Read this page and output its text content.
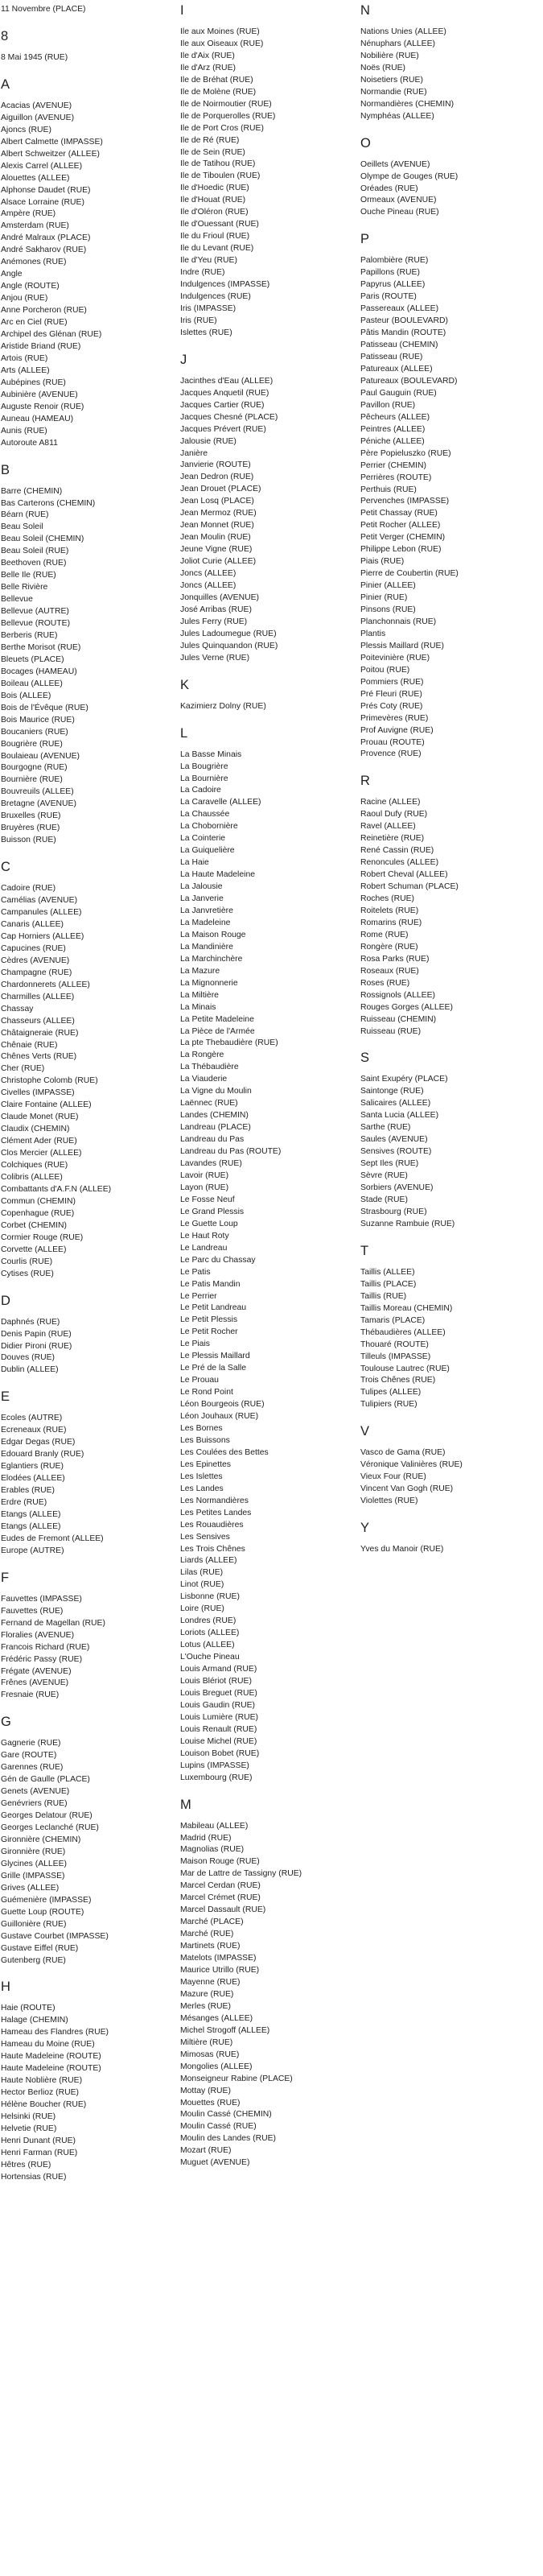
11 Novembre (PLACE)
8
8 Mai 1945 (RUE)
A
Acacias (AVENUE)
Aiguillon (AVENUE)
Ajoncs (RUE)
Albert Calmette (IMPASSE)
Albert Schweitzer (ALLEE)
Alexis Carrel (ALLEE)
Alouettes (ALLEE)
Alphonse Daudet (RUE)
Alsace Lorraine (RUE)
Ampère (RUE)
Amsterdam (RUE)
André Malraux (PLACE)
André Sakharov (RUE)
Anémones (RUE)
Angle
Angle (ROUTE)
Anjou (RUE)
Anne Porcheron (RUE)
Arc en Ciel (RUE)
Archipel des Glénan (RUE)
Aristide Briand (RUE)
Artois (RUE)
Arts (ALLEE)
Aubépines (RUE)
Aubinière (AVENUE)
Auguste Renoir (RUE)
Auneau (HAMEAU)
Aunis (RUE)
Autoroute A811
B
Barre (CHEMIN)
Bas Carterons (CHEMIN)
Béarn (RUE)
Beau Soleil
Beau Soleil (CHEMIN)
Beau Soleil (RUE)
Beethoven (RUE)
Belle Ile (RUE)
Belle Rivière
Bellevue
Bellevue (AUTRE)
Bellevue (ROUTE)
Berberis (RUE)
Berthe Morisot (RUE)
Bleuets (PLACE)
Bocages (HAMEAU)
Boileau (ALLEE)
Bois (ALLEE)
Bois de l'Évêque (RUE)
Bois Maurice (RUE)
Boucaniers (RUE)
Bougrière (RUE)
Boulaieau (AVENUE)
Bourgogne (RUE)
Bournière (RUE)
Bouvreuils (ALLEE)
Bretagne (AVENUE)
Bruxelles (RUE)
Bruyères (RUE)
Buisson (RUE)
C
Cadoire (RUE)
Camélias (AVENUE)
Campanules (ALLEE)
Canaris (ALLEE)
Cap Horniers (ALLEE)
Capucines (RUE)
Cèdres (AVENUE)
Champagne (RUE)
Chardonnerets (ALLEE)
Charmilles (ALLEE)
Chassay
Chasseurs (ALLEE)
Châtaigneraie (RUE)
Chênaie (RUE)
Chênes Verts (RUE)
Cher (RUE)
Christophe Colomb (RUE)
Civelles (IMPASSE)
Claire Fontaine (ALLEE)
Claude Monet (RUE)
Claudix (CHEMIN)
Clément Ader (RUE)
Clos Mercier (ALLEE)
Colchiques (RUE)
Colibris (ALLEE)
Combattants d'A.F.N (ALLEE)
Commun (CHEMIN)
Copenhague (RUE)
Corbet (CHEMIN)
Cormier Rouge (RUE)
Corvette (ALLEE)
Courlis (RUE)
Cytises (RUE)
D
Daphnés (RUE)
Denis Papin (RUE)
Didier Pironi (RUE)
Douves (RUE)
Dublin (ALLEE)
E
Ecoles (AUTRE)
Ecreneaux (RUE)
Edgar Degas (RUE)
Edouard Branly (RUE)
Eglantiers (RUE)
Elodées (ALLEE)
Erables (RUE)
Erdre (RUE)
Etangs (ALLEE)
Etangs (ALLEE)
Eudes de Fremont (ALLEE)
Europe (AUTRE)
F
Fauvettes (IMPASSE)
Fauvettes (RUE)
Fernand de Magellan (RUE)
Floralies (AVENUE)
Francois Richard (RUE)
Frédéric Passy (RUE)
Frégate (AVENUE)
Frênes (AVENUE)
Fresnaie (RUE)
G
Gagnerie (RUE)
Gare (ROUTE)
Garennes (RUE)
Gén de Gaulle (PLACE)
Genets (AVENUE)
Genévriers (RUE)
Georges Delatour (RUE)
Georges Leclanché (RUE)
Gironnière (CHEMIN)
Gironnière (RUE)
Glycines (ALLEE)
Grille (IMPASSE)
Grives (ALLEE)
Guémenière (IMPASSE)
Guette Loup (ROUTE)
Guillonière (RUE)
Gustave Courbet (IMPASSE)
Gustave Eiffel (RUE)
Gutenberg (RUE)
H
Haie (ROUTE)
Halage (CHEMIN)
Hameau des Flandres (RUE)
Hameau du Moine (RUE)
Haute Madeleine (ROUTE)
Haute Madeleine (ROUTE)
Haute Noblière (RUE)
Hector Berlioz (RUE)
Hélène Boucher (RUE)
Helsinki (RUE)
Helvetie (RUE)
Henri Dunant (RUE)
Henri Farman (RUE)
Hêtres (RUE)
Hortensias (RUE)
I
Ile aux Moines (RUE)
Ile aux Oiseaux (RUE)
Ile d'Aix (RUE)
Ile d'Arz (RUE)
Ile de Bréhat (RUE)
Ile de Molène (RUE)
Ile de Noirmoutier (RUE)
Ile de Porquerolles (RUE)
Ile de Port Cros (RUE)
Ile de Ré (RUE)
Ile de Sein (RUE)
Ile de Tatihou (RUE)
Ile de Tiboulen (RUE)
Ile d'Hoedic (RUE)
Ile d'Houat (RUE)
Ile d'Oléron (RUE)
Ile d'Ouessant (RUE)
Ile du Frioul (RUE)
Ile du Levant (RUE)
Ile d'Yeu (RUE)
Indre (RUE)
Indulgences (IMPASSE)
Indulgences (RUE)
Iris (IMPASSE)
Iris (RUE)
Islettes (RUE)
J
Jacinthes d'Eau (ALLEE)
Jacques Anquetil (RUE)
Jacques Cartier (RUE)
Jacques Chesné (PLACE)
Jacques Prévert (RUE)
Jalousie (RUE)
Janière
Janvierie (ROUTE)
Jean Dedron (RUE)
Jean Drouet (PLACE)
Jean Losq (PLACE)
Jean Mermoz (RUE)
Jean Monnet (RUE)
Jean Moulin (RUE)
Jeune Vigne (RUE)
Joliot Curie (ALLEE)
Joncs (ALLEE)
Joncs (ALLEE)
Jonquilles (AVENUE)
José Arribas (RUE)
Jules Ferry (RUE)
Jules Ladoumegue (RUE)
Jules Quinquandon (RUE)
Jules Verne (RUE)
K
Kazimierz Dolny (RUE)
L
La Basse Minais
La Bougrière
La Bournière
La Cadoire
La Caravelle (ALLEE)
La Chaussée
La Chobornière
La Cointerie
La Guiquelière
La Haie
La Haute Madeleine
La Jalousie
La Janverie
La Janvretière
La Madeleine
La Maison Rouge
La Mandinière
La Marchinchère
La Mazure
La Mignonnerie
La Miltière
La Minais
La Petite Madeleine
La Pièce de l'Armée
La pte Thebaudière (RUE)
La Rongère
La Thébaudière
La Viauderie
La Vigne du Moulin
Laënnec (RUE)
Landes (CHEMIN)
Landreau (PLACE)
Landreau du Pas
Landreau du Pas (ROUTE)
Lavandes (RUE)
Lavoir (RUE)
Layon (RUE)
Le Fosse Neuf
Le Grand Plessis
Le Guette Loup
Le Haut Roty
Le Landreau
Le Parc du Chassay
Le Patis
Le Patis Mandin
Le Perrier
Le Petit Landreau
Le Petit Plessis
Le Petit Rocher
Le Piais
Le Plessis Maillard
Le Pré de la Salle
Le Prouau
Le Rond Point
Léon Bourgeois (RUE)
Léon Jouhaux (RUE)
Les Bornes
Les Buissons
Les Coulées des Bettes
Les Epinettes
Les Islettes
Les Landes
Les Normandières
Les Petites Landes
Les Rouaudières
Les Sensives
Les Trois Chênes
Liards (ALLEE)
Lilas (RUE)
Linot (RUE)
Lisbonne (RUE)
Loire (RUE)
Londres (RUE)
Loriots (ALLEE)
Lotus (ALLEE)
L'Ouche Pineau
Louis Armand (RUE)
Louis Blériot (RUE)
Louis Breguet (RUE)
Louis Gaudin (RUE)
Louis Lumière (RUE)
Louis Renault (RUE)
Louise Michel (RUE)
Louison Bobet (RUE)
Lupins (IMPASSE)
Luxembourg (RUE)
M
Mabileau (ALLEE)
Madrid (RUE)
Magnolias (RUE)
Maison Rouge (RUE)
Mar de Lattre de Tassigny (RUE)
Marcel Cerdan (RUE)
Marcel Crémet (RUE)
Marcel Dassault (RUE)
Marché (PLACE)
Marché (RUE)
Martinets (RUE)
Matelots (IMPASSE)
Maurice Utrillo (RUE)
Mayenne (RUE)
Mazure (RUE)
Merles (RUE)
Mésanges (ALLEE)
Michel Strogoff (ALLEE)
Miltière (RUE)
Mimosas (RUE)
Mongolies (ALLEE)
Monseigneur Rabine (PLACE)
Mottay (RUE)
Mouettes (RUE)
Moulin Cassé (CHEMIN)
Moulin Cassé (RUE)
Moulin des Landes (RUE)
Mozart (RUE)
Muguet (AVENUE)
N
Nations Unies (ALLEE)
Nénuphars (ALLEE)
Nobilière (RUE)
Noës (RUE)
Noisetiers (RUE)
Normandie (RUE)
Normandières (CHEMIN)
Nymphéas (ALLEE)
O
Oeillets (AVENUE)
Olympe de Gouges (RUE)
Oréades (RUE)
Ormeaux (AVENUE)
Ouche Pineau (RUE)
P
Palombière (RUE)
Papillons (RUE)
Papyrus (ALLEE)
Paris (ROUTE)
Passereaux (ALLEE)
Pasteur (BOULEVARD)
Pâtis Mandin (ROUTE)
Patisseau (CHEMIN)
Patisseau (RUE)
Patureaux (ALLEE)
Patureaux (BOULEVARD)
Paul Gauguin (RUE)
Pavillon (RUE)
Pêcheurs (ALLEE)
Peintres (ALLEE)
Péniche (ALLEE)
Père Popieluszko (RUE)
Perrier (CHEMIN)
Perrières (ROUTE)
Perthuis (RUE)
Pervenches (IMPASSE)
Petit Chassay (RUE)
Petit Rocher (ALLEE)
Petit Verger (CHEMIN)
Philippe Lebon (RUE)
Piais (RUE)
Pierre de Coubertin (RUE)
Pinier (ALLEE)
Pinier (RUE)
Pinsons (RUE)
Planchonnais (RUE)
Plantis
Plessis Maillard (RUE)
Poitevinière (RUE)
Poitou (RUE)
Pommiers (RUE)
Pré Fleuri (RUE)
Prés Coty (RUE)
Primevères (RUE)
Prof Auvigne (RUE)
Prouau (ROUTE)
Provence (RUE)
R
Racine (ALLEE)
Raoul Dufy (RUE)
Ravel (ALLEE)
Reinetière (RUE)
René Cassin (RUE)
Renoncules (ALLEE)
Robert Cheval (ALLEE)
Robert Schuman (PLACE)
Roches (RUE)
Roitelets (RUE)
Romarins (RUE)
Rome (RUE)
Rongère (RUE)
Rosa Parks (RUE)
Roseaux (RUE)
Roses (RUE)
Rossignols (ALLEE)
Rouges Gorges (ALLEE)
Ruisseau (CHEMIN)
Ruisseau (RUE)
S
Saint Exupéry (PLACE)
Saintonge (RUE)
Salicaires (ALLEE)
Santa Lucia (ALLEE)
Sarthe (RUE)
Saules (AVENUE)
Sensives (ROUTE)
Sept Iles (RUE)
Sèvre (RUE)
Sorbiers (AVENUE)
Stade (RUE)
Strasbourg (RUE)
Suzanne Rambuie (RUE)
T
Taillis (ALLEE)
Taillis (PLACE)
Taillis (RUE)
Taillis Moreau (CHEMIN)
Tamaris (PLACE)
Thébaudières (ALLEE)
Thouaré (ROUTE)
Tilleuls (IMPASSE)
Toulouse Lautrec (RUE)
Trois Chênes (RUE)
Tulipes (ALLEE)
Tulipiers (RUE)
V
Vasco de Gama (RUE)
Véronique Valinières (RUE)
Vieux Four (RUE)
Vincent Van Gogh (RUE)
Violettes (RUE)
Y
Yves du Manoir (RUE)
